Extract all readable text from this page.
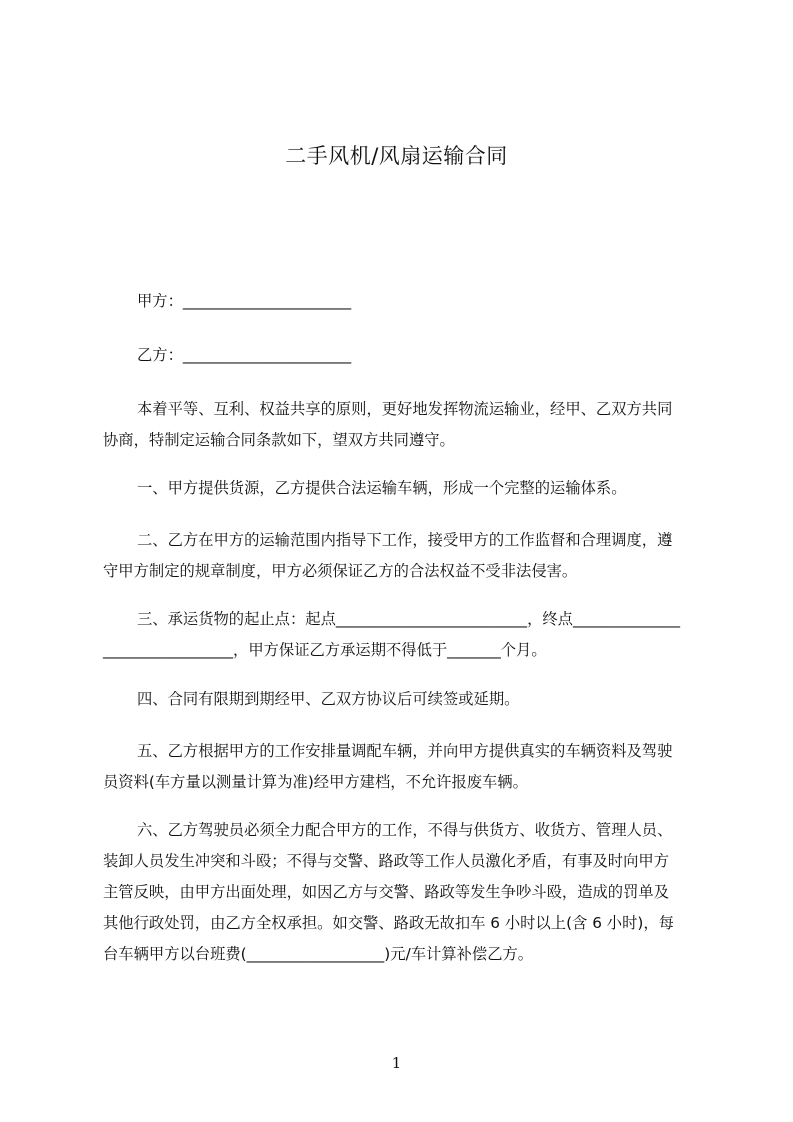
二手风机/风扇运输合同
甲方：______________________
乙方：______________________
本着平等、互利、权益共享的原则，更好地发挥物流运输业，经甲、乙双方共同
协商，特制定运输合同条款如下，望双方共同遵守。
一、甲方提供货源，乙方提供合法运输车辆，形成一个完整的运输体系。
二、乙方在甲方的运输范围内指导下工作，接受甲方的工作监督和合理调度，遵
守甲方制定的规章制度，甲方必须保证乙方的合法权益不受非法侵害。
三、承运货物的起止点：起点_________________________，终点______________
_________________，甲方保证乙方承运期不得低于_______个月。
四、合同有限期到期经甲、乙双方协议后可续签或延期。
五、乙方根据甲方的工作安排量调配车辆，并向甲方提供真实的车辆资料及驾驶
员资料(车方量以测量计算为准)经甲方建档，不允许报废车辆。
六、乙方驾驶员必须全力配合甲方的工作，不得与供货方、收货方、管理人员、
装卸人员发生冲突和斗殴；不得与交警、路政等工作人员激化矛盾，有事及时向甲方
主管反映，由甲方出面处理，如因乙方与交警、路政等发生争吵斗殴，造成的罚单及
其他行政处罚，由乙方全权承担。如交警、路政无故扣车 6 小时以上(含 6 小时)，每
台车辆甲方以台班费(__________________)元/车计算补偿乙方。
1
